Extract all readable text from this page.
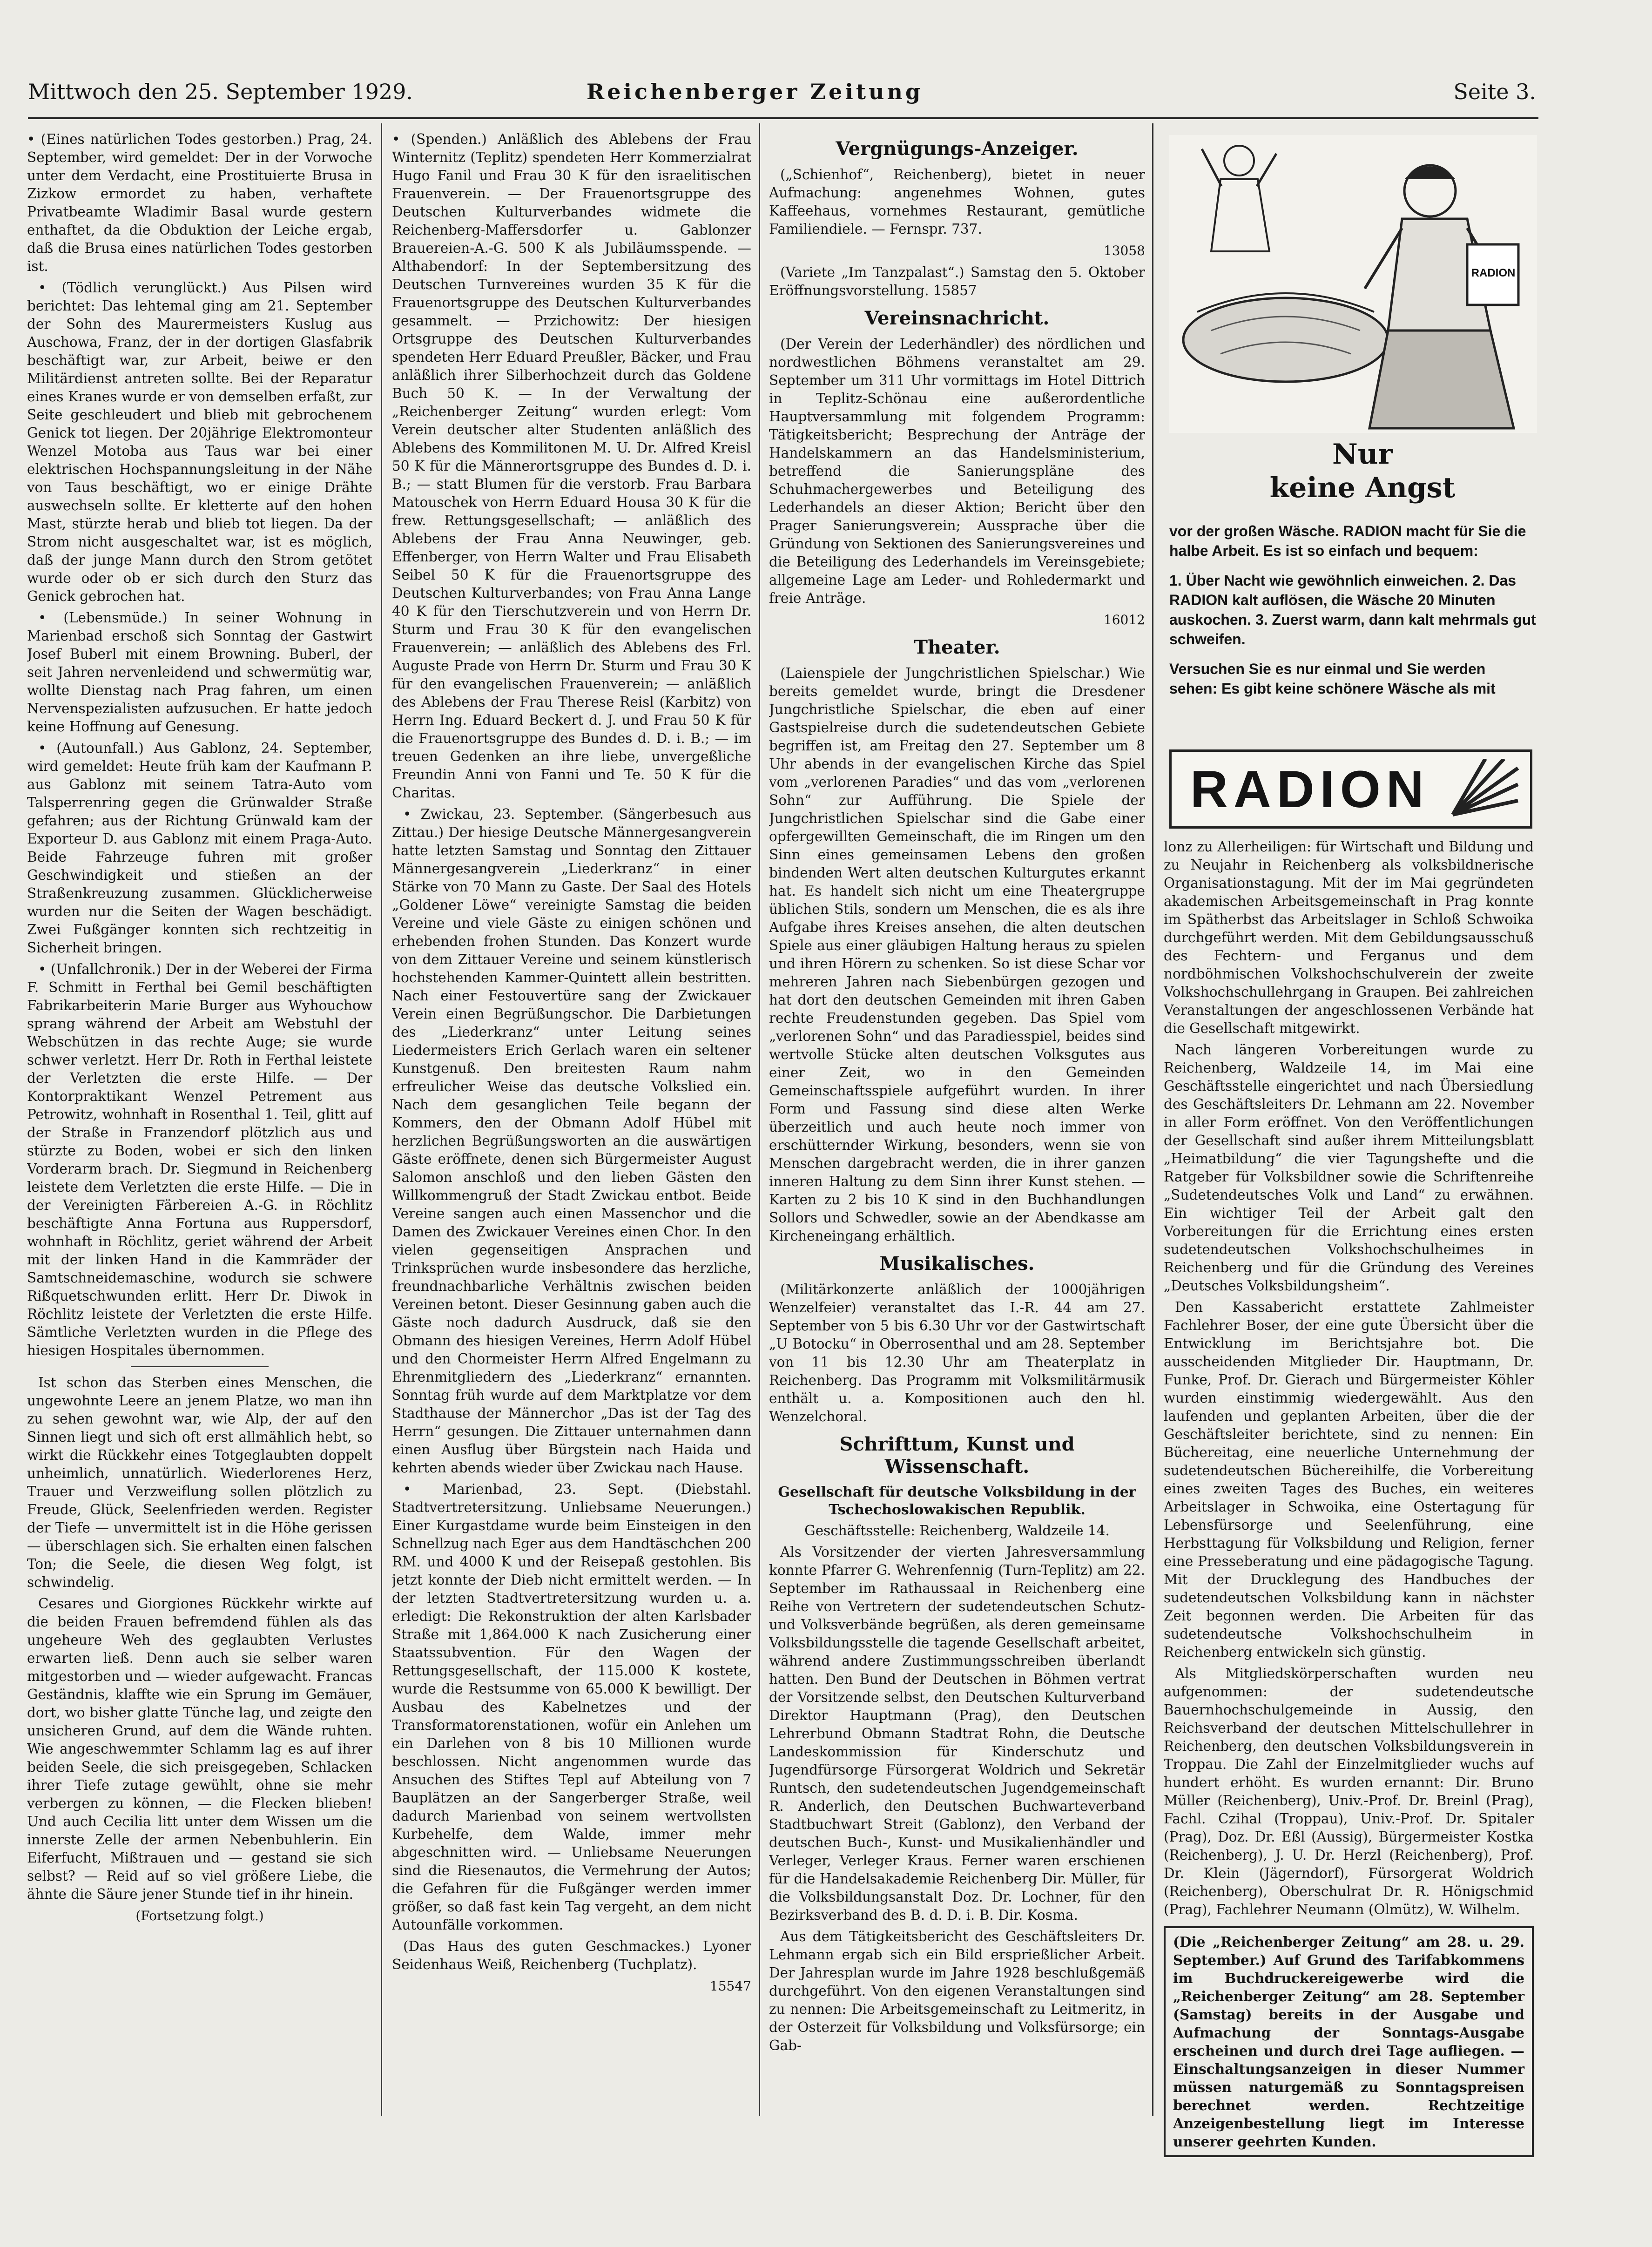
Mittwoch den 25. September 1929.	Reichenberger Zeitung	Seite 3.

• (Eines natürlichen Todes gestorben.) Prag, 24. September, wird gemeldet: Der in der Vorwoche unter dem Verdacht, eine Prostituierte Brusa in Zizkow ermordet zu haben, verhaftete Privatbeamte Wladimir Basal wurde gestern enthaftet, da die Obduktion der Leiche ergab, daß die Brusa eines natürlichen Todes gestorben ist.

• (Tödlich verunglückt.) Aus Pilsen wird berichtet: Das lehtemal ging am 21. September der Sohn des Maurermeisters Kuslug aus Auschowa, Franz, der in der dortigen Glasfabrik beschäftigt war, zur Arbeit, beiwe er den Militärdienst antreten sollte. Bei der Reparatur eines Kranes wurde er von demselben erfaßt, zur Seite geschleudert und blieb mit gebrochenem Genick tot liegen. Der 20jährige Elektromonteur Wenzel Motoba aus Taus war bei einer elektrischen Hochspannungsleitung in der Nähe von Taus beschäftigt, wo er einige Drähte auswechseln sollte. Er kletterte auf den hohen Mast, stürzte herab und blieb tot liegen. Da der Strom nicht ausgeschaltet war, ist es möglich, daß der junge Mann durch den Strom getötet wurde oder ob er sich durch den Sturz das Genick gebrochen hat.

• (Lebensmüde.) In seiner Wohnung in Marienbad erschoß sich Sonntag der Gastwirt Josef Buberl mit einem Browning. Buberl, der seit Jahren nervenleidend und schwermütig war, wollte Dienstag nach Prag fahren, um einen Nervenspezialisten aufzusuchen. Er hatte jedoch keine Hoffnung auf Genesung.

• (Autounfall.) Aus Gablonz, 24. September, wird gemeldet: Heute früh kam der Kaufmann P. aus Gablonz mit seinem Tatra-Auto vom Talsperrenring gegen die Grünwalder Straße gefahren; aus der Richtung Grünwald kam der Exporteur D. aus Gablonz mit einem Praga-Auto. Beide Fahrzeuge fuhren mit großer Geschwindigkeit und stießen an der Straßenkreuzung zusammen. Glücklicherweise wurden nur die Seiten der Wagen beschädigt. Zwei Fußgänger konnten sich rechtzeitig in Sicherheit bringen.

• (Unfallchronik.) Der in der Weberei der Firma F. Schmitt in Ferthal bei Gemil beschäftigten Fabrikarbeiterin Marie Burger aus Wyhouchow sprang während der Arbeit am Webstuhl der Webschützen in das rechte Auge; sie wurde schwer verletzt. Herr Dr. Roth in Ferthal leistete der Verletzten die erste Hilfe. — Der Kontorpraktikant Wenzel Petrement aus Petrowitz, wohnhaft in Rosenthal 1. Teil, glitt auf der Straße in Franzendorf plötzlich aus und stürzte zu Boden, wobei er sich den linken Vorderarm brach. Dr. Siegmund in Reichenberg leistete dem Verletzten die erste Hilfe. — Die in der Vereinigten Färbereien A.-G. in Röchlitz beschäftigte Anna Fortuna aus Ruppersdorf, wohnhaft in Röchlitz, geriet während der Arbeit mit der linken Hand in die Kammräder der Samtschneidemaschine, wodurch sie schwere Rißquetschwunden erlitt. Herr Dr. Diwok in Röchlitz leistete der Verletzten die erste Hilfe. Sämtliche Verletzten wurden in die Pflege des hiesigen Hospitales übernommen.

Ist schon das Sterben eines Menschen, die ungewohnte Leere an jenem Platze, wo man ihn zu sehen gewohnt war, wie Alp, der auf den Sinnen liegt und sich oft erst allmählich hebt, so wirkt die Rückkehr eines Totgeglaubten doppelt unheimlich, unnatürlich. Wiederlorenes Herz, Trauer und Verzweiflung sollen plötzlich zu Freude, Glück, Seelenfrieden werden. Register der Tiefe — unvermittelt ist in die Höhe gerissen — überschlagen sich. Sie erhalten einen falschen Ton; die Seele, die diesen Weg folgt, ist schwindelig.

Cesares und Giorgiones Rückkehr wirkte auf die beiden Frauen befremdend fühlen als das ungeheure Weh des geglaubten Verlustes erwarten ließ. Denn auch sie selber waren mitgestorben und — wieder aufgewacht. Francas Geständnis, klaffte wie ein Sprung im Gemäuer, dort, wo bisher glatte Tünche lag, und zeigte den unsicheren Grund, auf dem die Wände ruhten. Wie angeschwemmter Schlamm lag es auf ihrer beiden Seele, die sich preisgegeben, Schlacken ihrer Tiefe zutage gewühlt, ohne sie mehr verbergen zu können, — die Flecken blieben! Und auch Cecilia litt unter dem Wissen um die innerste Zelle der armen Nebenbuhlerin. Ein Eiferfucht, Mißtrauen und — gestand sie sich selbst? — Reid auf so viel größere Liebe, die ähnte die Säure jener Stunde tief in ihr hinein.

(Fortsetzung folgt.)

• (Spenden.) Anläßlich des Ablebens der Frau Winternitz (Teplitz) spendeten Herr Kommerzialrat Hugo Fanil und Frau 30 K für den israelitischen Frauenverein. — Der Frauenortsgruppe des Deutschen Kulturverbandes widmete die Reichenberg-Maffersdorfer u. Gablonzer Brauereien-A.-G. 500 K als Jubiläumsspende. — Althabendorf: In der Septembersitzung des Deutschen Turnvereines wurden 35 K für die Frauenortsgruppe des Deutschen Kulturverbandes gesammelt. — Przichowitz: Der hiesigen Ortsgruppe des Deutschen Kulturverbandes spendeten Herr Eduard Preußler, Bäcker, und Frau anläßlich ihrer Silberhochzeit durch das Goldene Buch 50 K. — In der Verwaltung der „Reichenberger Zeitung“ wurden erlegt: Vom Verein deutscher alter Studenten anläßlich des Ablebens des Kommilitonen M. U. Dr. Alfred Kreisl 50 K für die Männerortsgruppe des Bundes d. D. i. B.; — statt Blumen für die verstorb. Frau Barbara Matouschek von Herrn Eduard Housa 30 K für die frew. Rettungsgesellschaft; — anläßlich des Ablebens der Frau Anna Neuwinger, geb. Effenberger, von Herrn Walter und Frau Elisabeth Seibel 50 K für die Frauenortsgruppe des Deutschen Kulturverbandes; von Frau Anna Lange 40 K für den Tierschutzverein und von Herrn Dr. Sturm und Frau 30 K für den evangelischen Frauenverein; — anläßlich des Ablebens des Frl. Auguste Prade von Herrn Dr. Sturm und Frau 30 K für den evangelischen Frauenverein; — anläßlich des Ablebens der Frau Therese Reisl (Karbitz) von Herrn Ing. Eduard Beckert d. J. und Frau 50 K für die Frauenortsgruppe des Bundes d. D. i. B.; — im treuen Gedenken an ihre liebe, unvergeßliche Freundin Anni von Fanni und Te. 50 K für die Charitas.

• Zwickau, 23. September. (Sängerbesuch aus Zittau.) Der hiesige Deutsche Männergesangverein hatte letzten Samstag und Sonntag den Zittauer Männergesangverein „Liederkranz“ in einer Stärke von 70 Mann zu Gaste. Der Saal des Hotels „Goldener Löwe“ vereinigte Samstag die beiden Vereine und viele Gäste zu einigen schönen und erhebenden frohen Stunden. Das Konzert wurde von dem Zittauer Vereine und seinem künstlerisch hochstehenden Kammer-Quintett allein bestritten. Nach einer Festouvertüre sang der Zwickauer Verein einen Begrüßungschor. Die Darbietungen des „Liederkranz“ unter Leitung seines Liedermeisters Erich Gerlach waren ein seltener Kunstgenuß. Den breitesten Raum nahm erfreulicher Weise das deutsche Volkslied ein. Nach dem gesanglichen Teile begann der Kommers, den der Obmann Adolf Hübel mit herzlichen Begrüßungsworten an die auswärtigen Gäste eröffnete, denen sich Bürgermeister August Salomon anschloß und den lieben Gästen den Willkommengruß der Stadt Zwickau entbot. Beide Vereine sangen auch einen Massenchor und die Damen des Zwickauer Vereines einen Chor. In den vielen gegenseitigen Ansprachen und Trinksprüchen wurde insbesondere das herzliche, freundnachbarliche Verhältnis zwischen beiden Vereinen betont. Dieser Gesinnung gaben auch die Gäste noch dadurch Ausdruck, daß sie den Obmann des hiesigen Vereines, Herrn Adolf Hübel und den Chormeister Herrn Alfred Engelmann zu Ehrenmitgliedern des „Liederkranz“ ernannten. Sonntag früh wurde auf dem Marktplatze vor dem Stadthause der Männerchor „Das ist der Tag des Herrn“ gesungen. Die Zittauer unternahmen dann einen Ausflug über Bürgstein nach Haida und kehrten abends wieder über Zwickau nach Hause.

• Marienbad, 23. Sept. (Diebstahl. Stadtvertretersitzung. Unliebsame Neuerungen.) Einer Kurgastdame wurde beim Einsteigen in den Schnellzug nach Eger aus dem Handtäschchen 200 RM. und 4000 K und der Reisepaß gestohlen. Bis jetzt konnte der Dieb nicht ermittelt werden. — In der letzten Stadtvertretersitzung wurden u. a. erledigt: Die Rekonstruktion der alten Karlsbader Straße mit 1,864.000 K nach Zusicherung einer Staatssubvention. Für den Wagen der Rettungsgesellschaft, der 115.000 K kostete, wurde die Restsumme von 65.000 K bewilligt. Der Ausbau des Kabelnetzes und der Transformatorenstationen, wofür ein Anlehen um ein Darlehen von 8 bis 10 Millionen wurde beschlossen. Nicht angenommen wurde das Ansuchen des Stiftes Tepl auf Abteilung von 7 Bauplätzen an der Sangerberger Straße, weil dadurch Marienbad von seinem wertvollsten Kurbehelfe, dem Walde, immer mehr abgeschnitten wird. — Unliebsame Neuerungen sind die Riesenautos, die Vermehrung der Autos; die Gefahren für die Fußgänger werden immer größer, so daß fast kein Tag vergeht, an dem nicht Autounfälle vorkommen.

(Das Haus des guten Geschmackes.) Lyoner Seidenhaus Weiß, Reichenberg (Tuchplatz).

15547
Vergnügungs-Anzeiger.

(„Schienhof“, Reichenberg), bietet in neuer Aufmachung: angenehmes Wohnen, gutes Kaffeehaus, vornehmes Restaurant, gemütliche Familiendiele. — Fernspr. 737.

13058

(Variete „Im Tanzpalast“.) Samstag den 5. Oktober Eröffnungsvorstellung. 15857

Vereinsnachricht.

(Der Verein der Lederhändler) des nördlichen und nordwestlichen Böhmens veranstaltet am 29. September um 311 Uhr vormittags im Hotel Dittrich in Teplitz-Schönau eine außerordentliche Hauptversammlung mit folgendem Programm: Tätigkeitsbericht; Besprechung der Anträge der Handelskammern an das Handelsministerium, betreffend die Sanierungspläne des Schuhmachergewerbes und Beteiligung des Lederhandels an dieser Aktion; Bericht über den Prager Sanierungsverein; Aussprache über die Gründung von Sektionen des Sanierungsvereines und die Beteiligung des Lederhandels im Vereinsgebiete; allgemeine Lage am Leder- und Rohledermarkt und freie Anträge.

16012
Theater.

(Laienspiele der Jungchristlichen Spielschar.) Wie bereits gemeldet wurde, bringt die Dresdener Jungchristliche Spielschar, die eben auf einer Gastspielreise durch die sudetendeutschen Gebiete begriffen ist, am Freitag den 27. September um 8 Uhr abends in der evangelischen Kirche das Spiel vom „verlorenen Paradies“ und das vom „verlorenen Sohn“ zur Aufführung. Die Spiele der Jungchristlichen Spielschar sind die Gabe einer opfergewillten Gemeinschaft, die im Ringen um den Sinn eines gemeinsamen Lebens den großen bindenden Wert alten deutschen Kulturgutes erkannt hat. Es handelt sich nicht um eine Theatergruppe üblichen Stils, sondern um Menschen, die es als ihre Aufgabe ihres Kreises ansehen, die alten deutschen Spiele aus einer gläubigen Haltung heraus zu spielen und ihren Hörern zu schenken. So ist diese Schar vor mehreren Jahren nach Siebenbürgen gezogen und hat dort den deutschen Gemeinden mit ihren Gaben rechte Freudenstunden gegeben. Das Spiel vom „verlorenen Sohn“ und das Paradiesspiel, beides sind wertvolle Stücke alten deutschen Volksgutes aus einer Zeit, wo in den Gemeinden Gemeinschaftsspiele aufgeführt wurden. In ihrer Form und Fassung sind diese alten Werke überzeitlich und auch heute noch immer von erschütternder Wirkung, besonders, wenn sie von Menschen dargebracht werden, die in ihrer ganzen inneren Haltung zu dem Sinn ihrer Kunst stehen. — Karten zu 2 bis 10 K sind in den Buchhandlungen Sollors und Schwedler, sowie an der Abendkasse am Kircheneingang erhältlich.

Musikalisches.

(Militärkonzerte anläßlich der 1000jährigen Wenzelfeier) veranstaltet das I.-R. 44 am 27. September von 5 bis 6.30 Uhr vor der Gastwirtschaft „U Botocku“ in Oberrosenthal und am 28. September von 11 bis 12.30 Uhr am Theaterplatz in Reichenberg. Das Programm mit Volksmilitärmusik enthält u. a. Kompositionen auch den hl. Wenzelchoral.

Schrifttum, Kunst und Wissenschaft.
Gesellschaft für deutsche Volksbildung in der Tschechoslowakischen Republik.

Geschäftsstelle: Reichenberg, Waldzeile 14.

Als Vorsitzender der vierten Jahresversammlung konnte Pfarrer G. Wehrenfennig (Turn-Teplitz) am 22. September im Rathaussaal in Reichenberg eine Reihe von Vertretern der sudetendeutschen Schutz- und Volksverbände begrüßen, als deren gemeinsame Volksbildungsstelle die tagende Gesellschaft arbeitet, während andere Zustimmungsschreiben überlandt hatten. Den Bund der Deutschen in Böhmen vertrat der Vorsitzende selbst, den Deutschen Kulturverband Direktor Hauptmann (Prag), den Deutschen Lehrerbund Obmann Stadtrat Rohn, die Deutsche Landeskommission für Kinderschutz und Jugendfürsorge Fürsorgerat Woldrich und Sekretär Runtsch, den sudetendeutschen Jugendgemeinschaft R. Anderlich, den Deutschen Buchwarteverband Stadtbuchwart Streit (Gablonz), den Verband der deutschen Buch-, Kunst- und Musikalienhändler und Verleger, Verleger Kraus. Ferner waren erschienen für die Handelsakademie Reichenberg Dir. Müller, für die Volksbildungsanstalt Doz. Dr. Lochner, für den Bezirksverband des B. d. D. i. B. Dir. Kosma.

Aus dem Tätigkeitsbericht des Geschäftsleiters Dr. Lehmann ergab sich ein Bild ersprießlicher Arbeit. Der Jahresplan wurde im Jahre 1928 beschlußgemäß durchgeführt. Von den eigenen Veranstaltungen sind zu nennen: Die Arbeitsgemeinschaft zu Leitmeritz, in der Osterzeit für Volksbildung und Volksfürsorge; ein Gab-

RADION
Nur
keine Angst

vor der großen Wäsche. RADION macht für Sie die halbe Arbeit. Es ist so einfach und bequem:

1. Über Nacht wie gewöhnlich einweichen. 2. Das RADION kalt auflösen, die Wäsche 20 Minuten auskochen. 3. Zuerst warm, dann kalt mehrmals gut schweifen.

Versuchen Sie es nur einmal und Sie werden sehen: Es gibt keine schönere Wäsche als mit

RADION

lonz zu Allerheiligen: für Wirtschaft und Bildung und zu Neujahr in Reichenberg als volksbildnerische Organisationstagung. Mit der im Mai gegründeten akademischen Arbeitsgemeinschaft in Prag konnte im Spätherbst das Arbeitslager in Schloß Schwoika durchgeführt werden. Mit dem Gebildungsausschuß des Fechtern- und Ferganus und dem nordböhmischen Volkshochschulverein der zweite Volkshochschullehrgang in Graupen. Bei zahlreichen Veranstaltungen der angeschlossenen Verbände hat die Gesellschaft mitgewirkt.

Nach längeren Vorbereitungen wurde zu Reichenberg, Waldzeile 14, im Mai eine Geschäftsstelle eingerichtet und nach Übersiedlung des Geschäftsleiters Dr. Lehmann am 22. November in aller Form eröffnet. Von den Veröffentlichungen der Gesellschaft sind außer ihrem Mitteilungsblatt „Heimatbildung“ die vier Tagungshefte und die Ratgeber für Volksbildner sowie die Schriftenreihe „Sudetendeutsches Volk und Land“ zu erwähnen. Ein wichtiger Teil der Arbeit galt den Vorbereitungen für die Errichtung eines ersten sudetendeutschen Volkshochschulheimes in Reichenberg und für die Gründung des Vereines „Deutsches Volksbildungsheim“.

Den Kassabericht erstattete Zahlmeister Fachlehrer Boser, der eine gute Übersicht über die Entwicklung im Berichtsjahre bot. Die ausscheidenden Mitglieder Dir. Hauptmann, Dr. Funke, Prof. Dr. Gierach und Bürgermeister Köhler wurden einstimmig wiedergewählt. Aus den laufenden und geplanten Arbeiten, über die der Geschäftsleiter berichtete, sind zu nennen: Ein Büchereitag, eine neuerliche Unternehmung der sudetendeutschen Büchereihilfe, die Vorbereitung eines zweiten Tages des Buches, ein weiteres Arbeitslager in Schwoika, eine Ostertagung für Lebensfürsorge und Seelenführung, eine Herbsttagung für Volksbildung und Religion, ferner eine Presseberatung und eine pädagogische Tagung. Mit der Drucklegung des Handbuches der sudetendeutschen Volksbildung kann in nächster Zeit begonnen werden. Die Arbeiten für das sudetendeutsche Volkshochschulheim in Reichenberg entwickeln sich günstig.

Als Mitgliedskörperschaften wurden neu aufgenommen: der sudetendeutsche Bauernhochschulgemeinde in Aussig, den Reichsverband der deutschen Mittelschullehrer in Reichenberg, den deutschen Volksbildungsverein in Troppau. Die Zahl der Einzelmitglieder wuchs auf hundert erhöht. Es wurden ernannt: Dir. Bruno Müller (Reichenberg), Univ.-Prof. Dr. Breinl (Prag), Fachl. Czihal (Troppau), Univ.-Prof. Dr. Spitaler (Prag), Doz. Dr. Eßl (Aussig), Bürgermeister Kostka (Reichenberg), J. U. Dr. Herzl (Reichenberg), Prof. Dr. Klein (Jägerndorf), Fürsorgerat Woldrich (Reichenberg), Oberschulrat Dr. R. Hönigschmid (Prag), Fachlehrer Neumann (Olmütz), W. Wilhelm.

(Die „Reichenberger Zeitung“ am 28. u. 29. September.) Auf Grund des Tarifabkommens im Buchdruckereigewerbe wird die „Reichenberger Zeitung“ am 28. September (Samstag) bereits in der Ausgabe und Aufmachung der Sonntags-Ausgabe erscheinen und durch drei Tage aufliegen. — Einschaltungsanzeigen in dieser Nummer müssen naturgemäß zu Sonntagspreisen berechnet werden. Rechtzeitige Anzeigenbestellung liegt im Interesse unserer geehrten Kunden.
